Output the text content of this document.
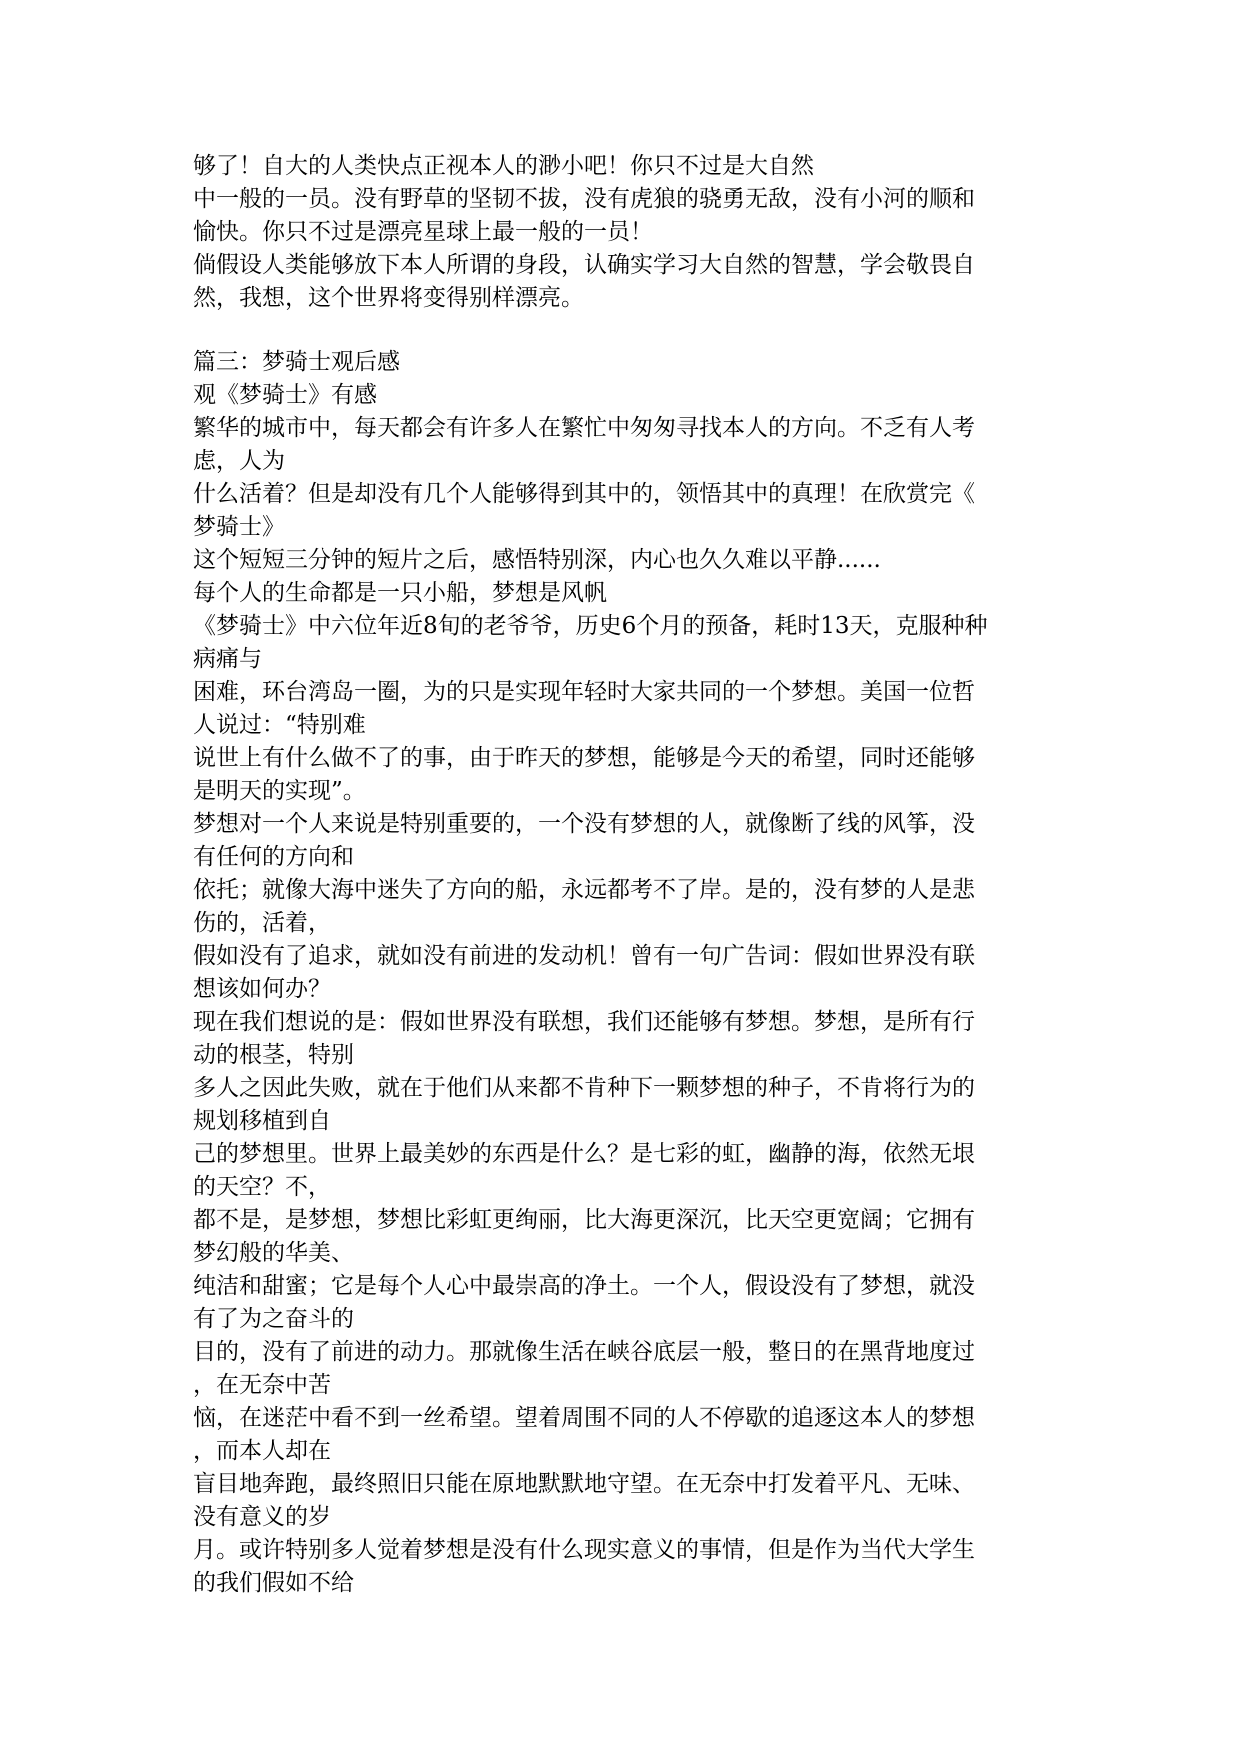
够了！自大的人类快点正视本人的渺小吧！你只不过是大自然
中一般的一员。没有野草的坚韧不拔，没有虎狼的骁勇无敌，没有小河的顺和
愉快。你只不过是漂亮星球上最一般的一员！
倘假设人类能够放下本人所谓的身段，认确实学习大自然的智慧，学会敬畏自
然，我想，这个世界将变得别样漂亮。
篇三：梦骑士观后感
观《梦骑士》有感
繁华的城市中，每天都会有许多人在繁忙中匆匆寻找本人的方向。不乏有人考
虑，人为
什么活着？但是却没有几个人能够得到其中的，领悟其中的真理！在欣赏完《
梦骑士》
这个短短三分钟的短片之后，感悟特别深，内心也久久难以平静......
每个人的生命都是一只小船，梦想是风帆
《梦骑士》中六位年近8旬的老爷爷，历史6个月的预备，耗时13天，克服种种
病痛与
困难，环台湾岛一圈，为的只是实现年轻时大家共同的一个梦想。美国一位哲
人说过：“特别难
说世上有什么做不了的事，由于昨天的梦想，能够是今天的希望，同时还能够
是明天的实现”。
梦想对一个人来说是特别重要的，一个没有梦想的人，就像断了线的风筝，没
有任何的方向和
依托；就像大海中迷失了方向的船，永远都考不了岸。是的，没有梦的人是悲
伤的，活着，
假如没有了追求，就如没有前进的发动机！曾有一句广告词：假如世界没有联
想该如何办？
现在我们想说的是：假如世界没有联想，我们还能够有梦想。梦想，是所有行
动的根茎，特别
多人之因此失败，就在于他们从来都不肯种下一颗梦想的种子，不肯将行为的
规划移植到自
己的梦想里。世界上最美妙的东西是什么？是七彩的虹，幽静的海，依然无垠
的天空？不，
都不是，是梦想，梦想比彩虹更绚丽，比大海更深沉，比天空更宽阔；它拥有
梦幻般的华美、
纯洁和甜蜜；它是每个人心中最崇高的净土。一个人，假设没有了梦想，就没
有了为之奋斗的
目的，没有了前进的动力。那就像生活在峡谷底层一般，整日的在黑背地度过
，在无奈中苦
恼，在迷茫中看不到一丝希望。望着周围不同的人不停歇的追逐这本人的梦想
，而本人却在
盲目地奔跑，最终照旧只能在原地默默地守望。在无奈中打发着平凡、无味、
没有意义的岁
月。或许特别多人觉着梦想是没有什么现实意义的事情，但是作为当代大学生
的我们假如不给
